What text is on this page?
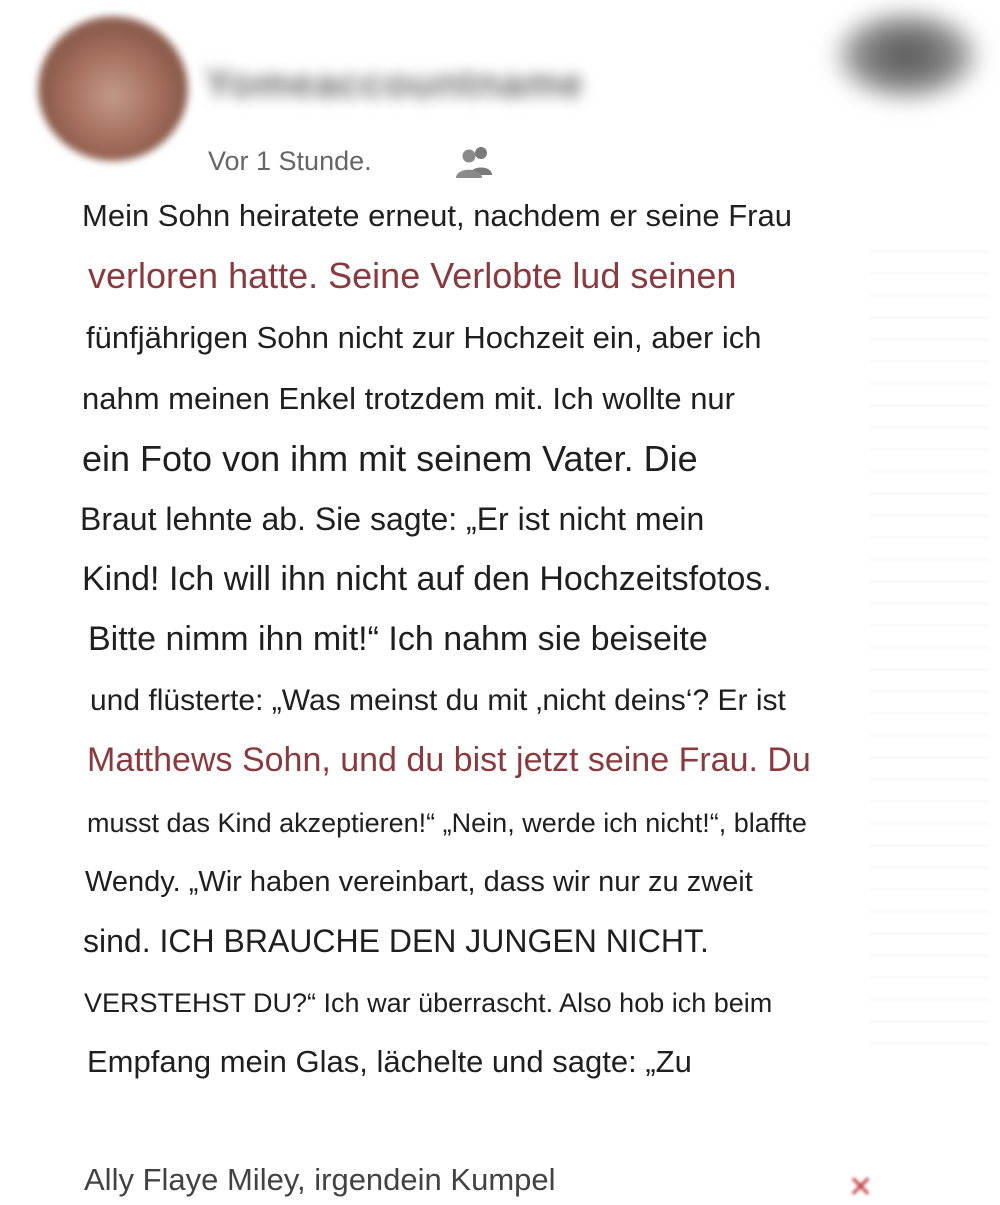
Yomeaccountname
Vor 1 Stunde.
Mein Sohn heiratete erneut, nachdem er seine Frau
verloren hatte. Seine Verlobte lud seinen
fünfjährigen Sohn nicht zur Hochzeit ein, aber ich
nahm meinen Enkel trotzdem mit. Ich wollte nur
ein Foto von ihm mit seinem Vater. Die
Braut lehnte ab. Sie sagte: „Er ist nicht mein
Kind! Ich will ihn nicht auf den Hochzeitsfotos.
Bitte nimm ihn mit!“ Ich nahm sie beiseite
und flüsterte: „Was meinst du mit ‚nicht deins‘? Er ist
Matthews Sohn, und du bist jetzt seine Frau. Du
musst das Kind akzeptieren!“ „Nein, werde ich nicht!“, blaffte
Wendy. „Wir haben vereinbart, dass wir nur zu zweit
sind. ICH BRAUCHE DEN JUNGEN NICHT.
VERSTEHST DU?“ Ich war überrascht. Also hob ich beim
Empfang mein Glas, lächelte und sagte: „Zu
Ally Flaye Miley, irgendein Kumpel	✕
